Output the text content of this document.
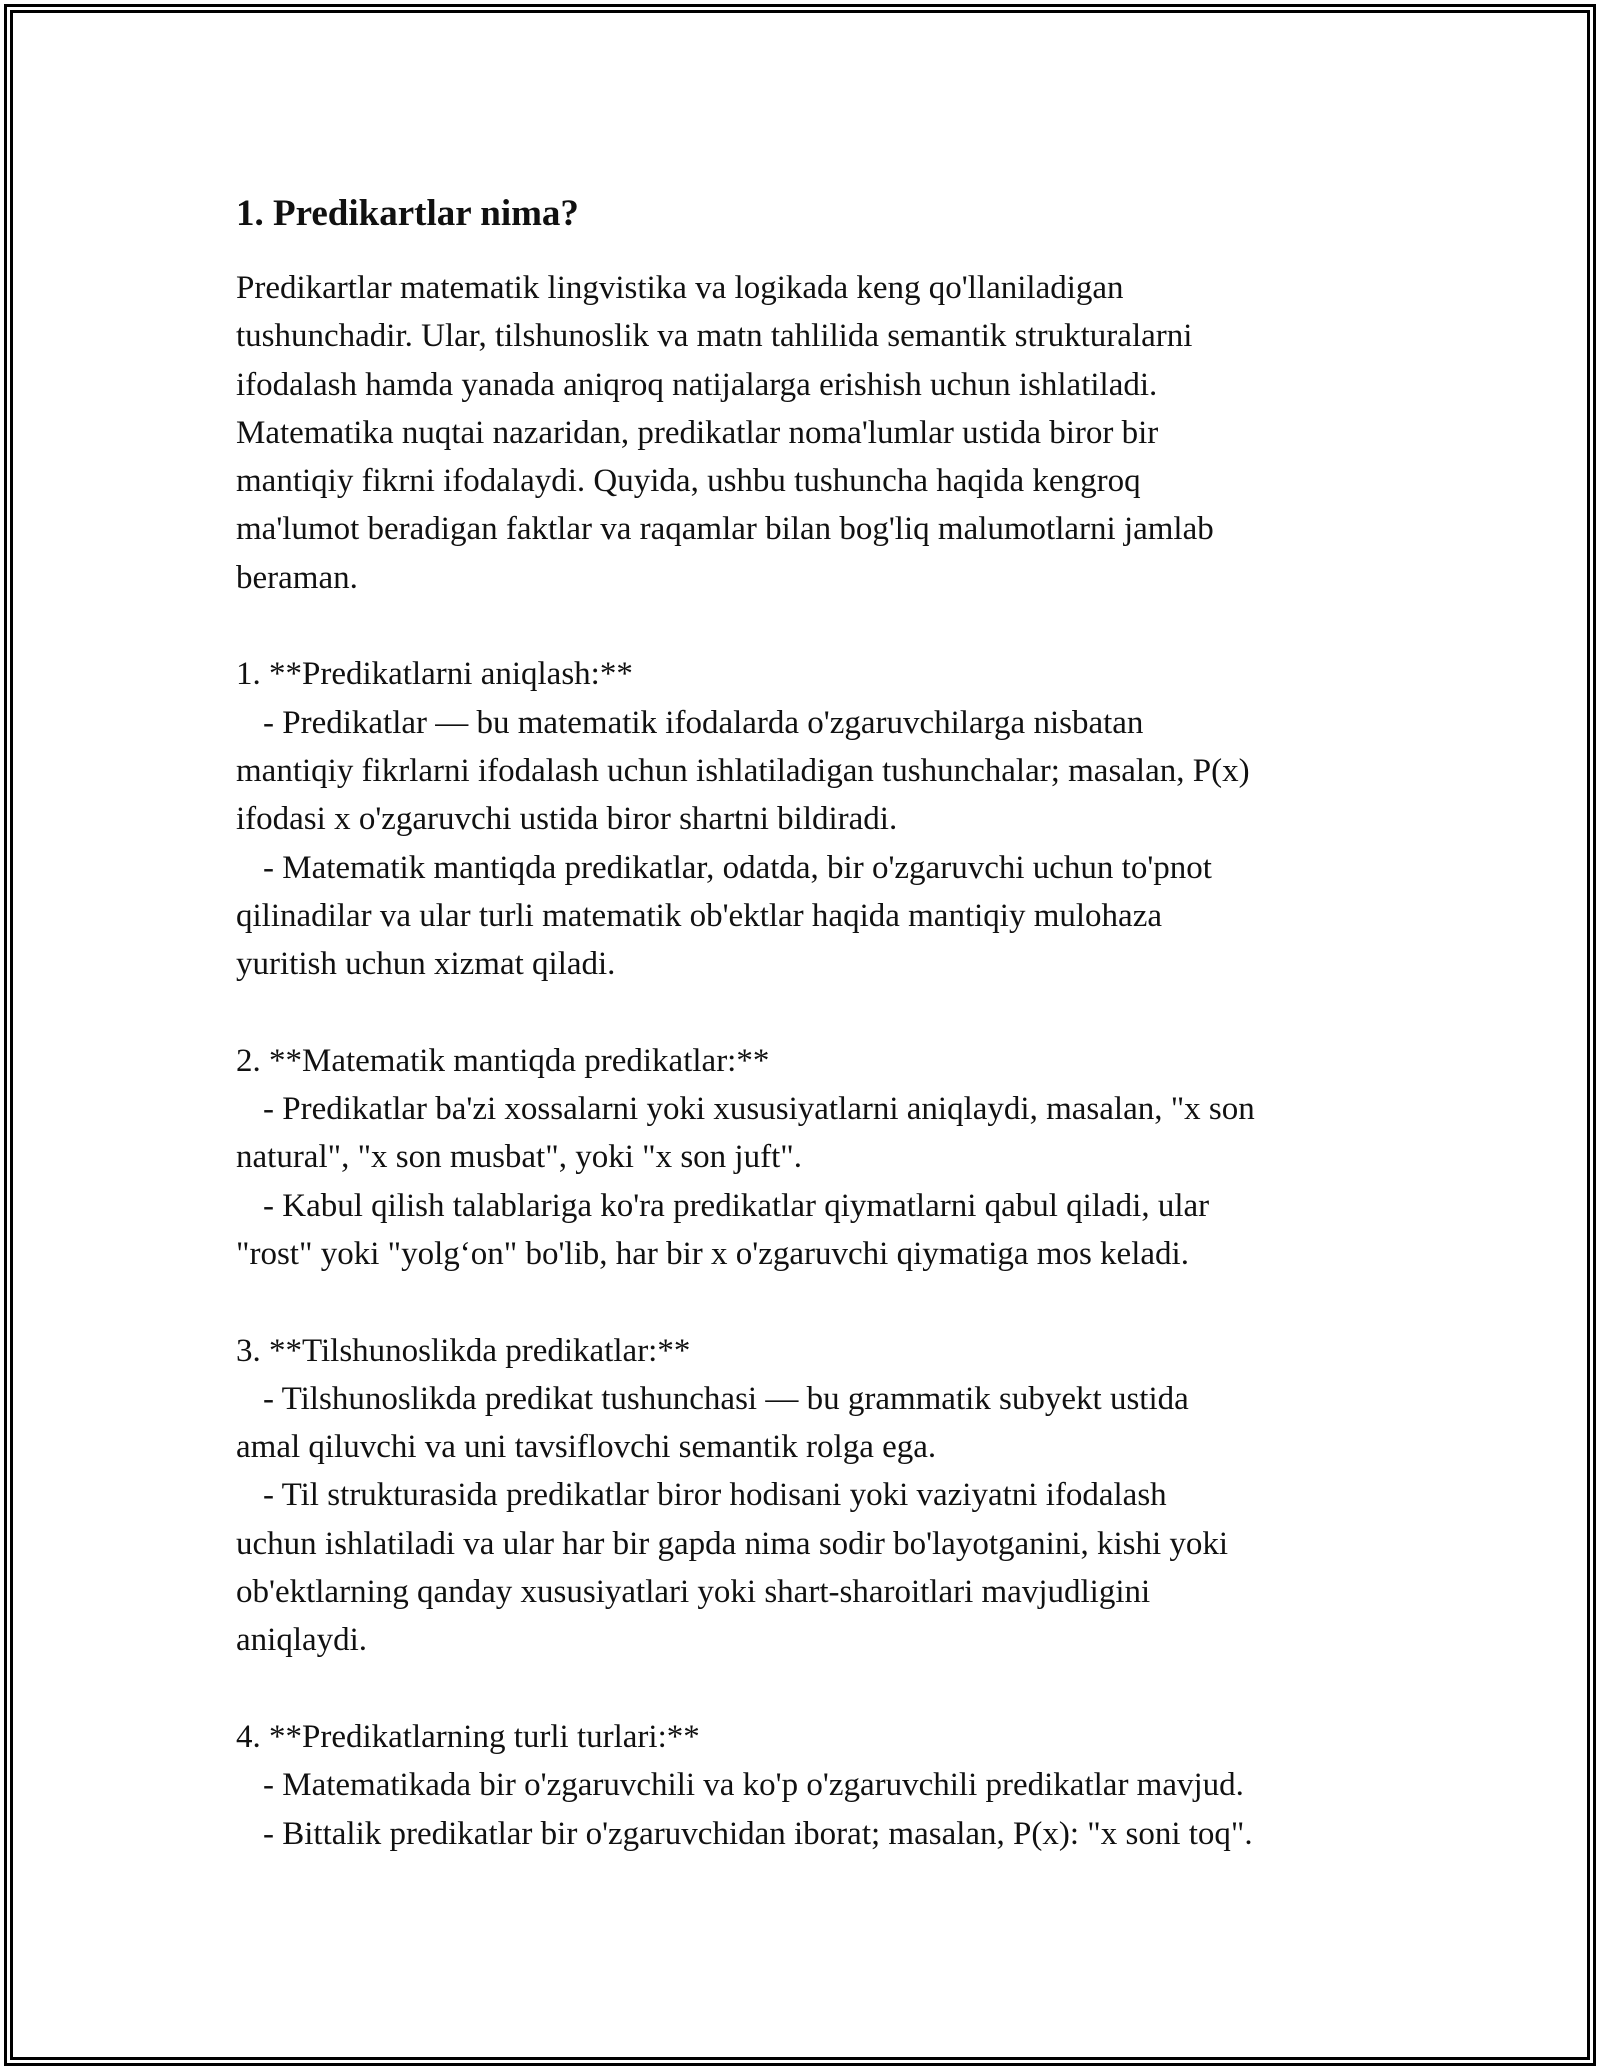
1. Predikartlar nima?

Predikartlar matematik lingvistika va logikada keng qo'llaniladigan
tushunchadir. Ular, tilshunoslik va matn tahlilida semantik strukturalarni
ifodalash hamda yanada aniqroq natijalarga erishish uchun ishlatiladi.
Matematika nuqtai nazaridan, predikatlar noma'lumlar ustida biror bir
mantiqiy fikrni ifodalaydi. Quyida, ushbu tushuncha haqida kengroq
ma'lumot beradigan faktlar va raqamlar bilan bog'liq malumotlarni jamlab
beraman.

1. **Predikatlarni aniqlash:**

- Predikatlar — bu matematik ifodalarda o'zgaruvchilarga nisbatan
mantiqiy fikrlarni ifodalash uchun ishlatiladigan tushunchalar; masalan, P(x)
ifodasi x o'zgaruvchi ustida biror shartni bildiradi.

- Matematik mantiqda predikatlar, odatda, bir o'zgaruvchi uchun to'pnot
qilinadilar va ular turli matematik ob'ektlar haqida mantiqiy mulohaza
yuritish uchun xizmat qiladi.

2. **Matematik mantiqda predikatlar:**

- Predikatlar ba'zi xossalarni yoki xususiyatlarni aniqlaydi, masalan, "x son
natural", "x son musbat", yoki "x son juft".

- Kabul qilish talablariga ko'ra predikatlar qiymatlarni qabul qiladi, ular
"rost" yoki "yolg‘on" bo'lib, har bir x o'zgaruvchi qiymatiga mos keladi.

3. **Tilshunoslikda predikatlar:**

- Tilshunoslikda predikat tushunchasi — bu grammatik subyekt ustida
amal qiluvchi va uni tavsiflovchi semantik rolga ega.

- Til strukturasida predikatlar biror hodisani yoki vaziyatni ifodalash
uchun ishlatiladi va ular har bir gapda nima sodir bo'layotganini, kishi yoki
ob'ektlarning qanday xususiyatlari yoki shart-sharoitlari mavjudligini
aniqlaydi.

4. **Predikatlarning turli turlari:**

- Matematikada bir o'zgaruvchili va ko'p o'zgaruvchili predikatlar mavjud.

- Bittalik predikatlar bir o'zgaruvchidan iborat; masalan, P(x): "x soni toq".
